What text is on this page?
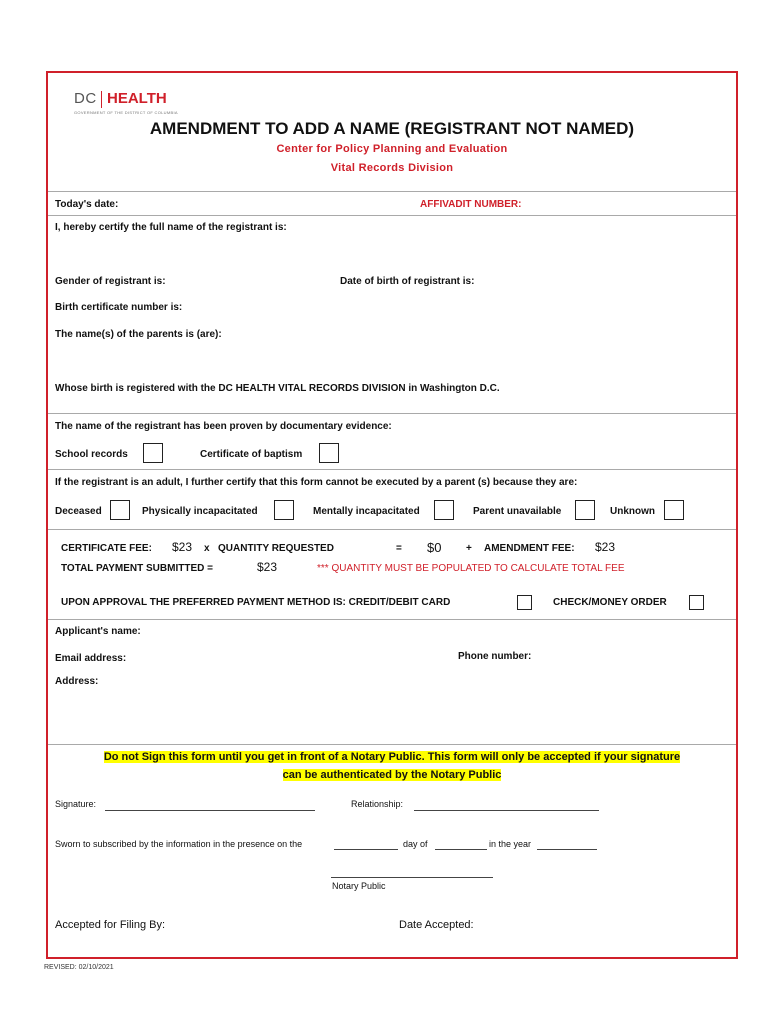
DC HEALTH
GOVERNMENT OF THE DISTRICT OF COLUMBIA
AMENDMENT TO ADD A NAME (REGISTRANT NOT NAMED)
Center for Policy Planning and Evaluation
Vital Records Division
Today's date:	AFFIVADIT NUMBER:
I, hereby certify the full name of the registrant is:
Gender of registrant is:	Date of birth of registrant is:
Birth certificate number is:
The name(s) of the parents is (are):
Whose birth is registered with the DC HEALTH VITAL RECORDS DIVISION in Washington D.C.
The name of the registrant has been proven by documentary evidence:
School records	Certificate of baptism
If the registrant is an adult, I further certify that this form cannot be executed by a parent (s) because they are:
Deceased	Physically incapacitated	Mentally incapacitated	Parent unavailable	Unknown
CERTIFICATE FEE: $23 x QUANTITY REQUESTED	= $0 + AMENDMENT FEE: $23
TOTAL PAYMENT SUBMITTED =	$23	*** QUANTITY MUST BE POPULATED TO CALCULATE TOTAL FEE
UPON APPROVAL THE PREFERRED PAYMENT METHOD IS: CREDIT/DEBIT CARD	CHECK/MONEY ORDER
Applicant's name:
Email address:	Phone number:
Address:
Do not Sign this form until you get in front of a Notary Public. This form will only be accepted if your signature
can be authenticated by the Notary Public
Signature:	Relationship:
Sworn to subscribed by the information in the presence on the	day of	in the year
Notary Public
Accepted for Filing By:	Date Accepted:
REVISED: 02/10/2021
